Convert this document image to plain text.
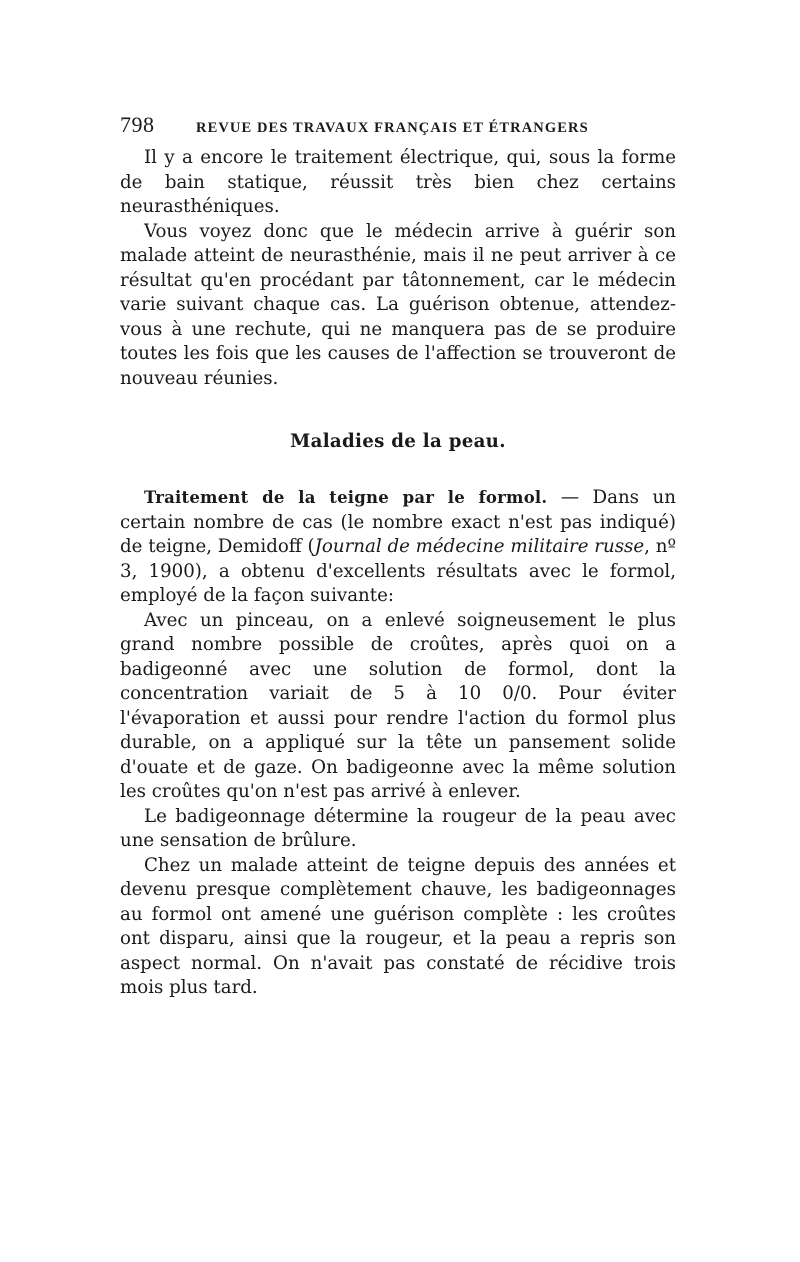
798	REVUE DES TRAVAUX FRANÇAIS ET ÉTRANGERS

Il y a encore le traitement électrique, qui, sous la forme de bain statique, réussit très bien chez certains neurasthéniques.

Vous voyez donc que le médecin arrive à guérir son malade atteint de neurasthénie, mais il ne peut arriver à ce résultat qu'en procédant par tâtonnement, car le médecin varie suivant chaque cas. La guérison obtenue, attendez-vous à une rechute, qui ne manquera pas de se produire toutes les fois que les causes de l'affection se trouveront de nouveau réunies.

Maladies de la peau.

Traitement de la teigne par le formol. — Dans un certain nombre de cas (le nombre exact n'est pas indiqué) de teigne, Demidoff (Journal de médecine militaire russe, nº 3, 1900), a obtenu d'excellents résultats avec le formol, employé de la façon suivante:

Avec un pinceau, on a enlevé soigneusement le plus grand nombre possible de croûtes, après quoi on a badigeonné avec une solution de formol, dont la concentration variait de 5 à 10 0/0. Pour éviter l'évaporation et aussi pour rendre l'action du formol plus durable, on a appliqué sur la tête un pansement solide d'ouate et de gaze. On badigeonne avec la même solution les croûtes qu'on n'est pas arrivé à enlever.

Le badigeonnage détermine la rougeur de la peau avec une sensation de brûlure.

Chez un malade atteint de teigne depuis des années et devenu presque complètement chauve, les badigeonnages au formol ont amené une guérison complète : les croûtes ont disparu, ainsi que la rougeur, et la peau a repris son aspect normal. On n'avait pas constaté de récidive trois mois plus tard.
